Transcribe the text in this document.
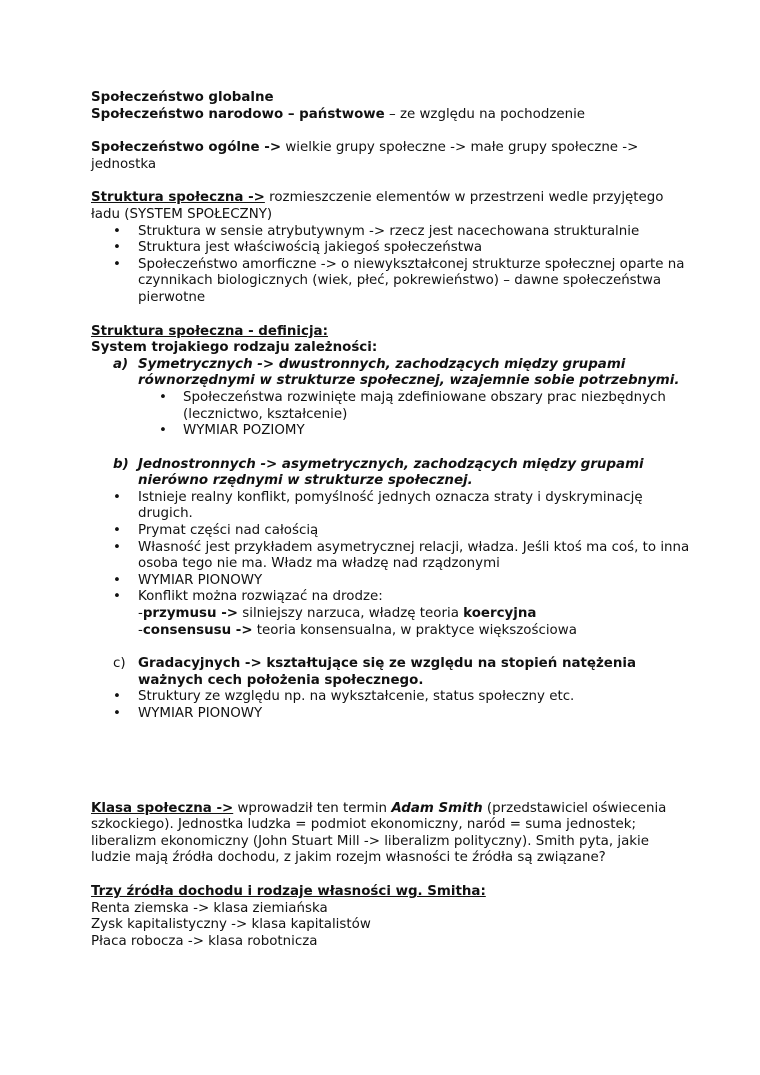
Społeczeństwo globalne

Społeczeństwo narodowo – państwowe – ze względu na pochodzenie

Społeczeństwo ogólne -> wielkie grupy społeczne -> małe grupy społeczne -> jednostka

Struktura społeczna -> rozmieszczenie elementów w przestrzeni wedle przyjętego ładu (SYSTEM SPOŁECZNY)

• Struktura w sensie atrybutywnym -> rzecz jest nacechowana strukturalnie
• Struktura jest właściwością jakiegoś społeczeństwa
• Społeczeństwo amorficzne -> o niewykształconej strukturze społecznej oparte na czynnikach biologicznych (wiek, płeć, pokrewieństwo) – dawne społeczeństwa pierwotne

Struktura społeczna - definicja:

System trojakiego rodzaju zależności:

a) Symetrycznych -> dwustronnych, zachodzących między grupami równorzędnymi w strukturze społecznej, wzajemnie sobie potrzebnymi.
• Społeczeństwa rozwinięte mają zdefiniowane obszary prac niezbędnych (lecznictwo, kształcenie)
• WYMIAR POZIOMY
b) Jednostronnych -> asymetrycznych, zachodzących między grupami nierówno rzędnymi w strukturze społecznej.
• Istnieje realny konflikt, pomyślność jednych oznacza straty i dyskryminację drugich.
• Prymat części nad całością
• Własność jest przykładem asymetrycznej relacji, władza. Jeśli ktoś ma coś, to inna osoba tego nie ma. Władz ma władzę nad rządzonymi
• WYMIAR PIONOWY
• Konflikt można rozwiązać na drodze:
-przymusu -> silniejszy narzuca, władzę teoria koercyjna
-consensusu -> teoria konsensualna, w praktyce większościowa
c) Gradacyjnych -> kształtujące się ze względu na stopień natężenia ważnych cech położenia społecznego.
• Struktury ze względu np. na wykształcenie, status społeczny etc.
• WYMIAR PIONOWY

Klasa społeczna -> wprowadził ten termin Adam Smith (przedstawiciel oświecenia szkockiego). Jednostka ludzka = podmiot ekonomiczny, naród = suma jednostek; liberalizm ekonomiczny (John Stuart Mill -> liberalizm polityczny). Smith pyta, jakie ludzie mają źródła dochodu, z jakim rozejm własności te źródła są związane?

Trzy źródła dochodu i rodzaje własności wg. Smitha:

Renta ziemska -> klasa ziemiańska

Zysk kapitalistyczny -> klasa kapitalistów

Płaca robocza -> klasa robotnicza
